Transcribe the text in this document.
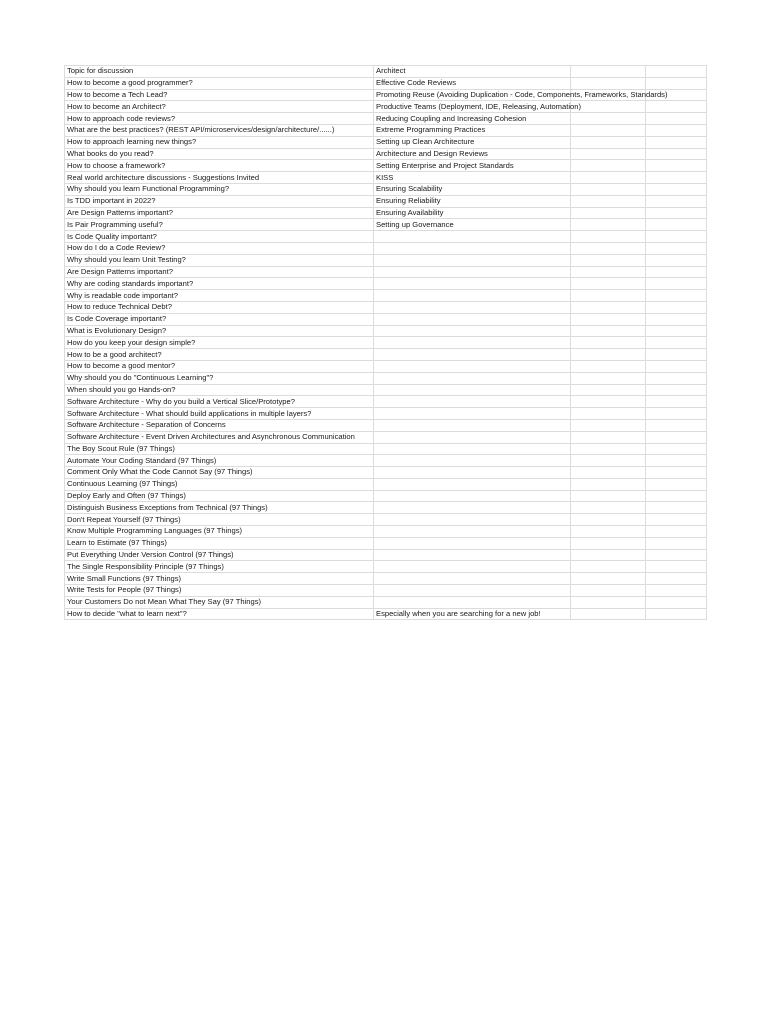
Topic for discussion	Architect		
How to become a good programmer?	Effective Code Reviews		
How to become a Tech Lead?	Promoting Reuse (Avoiding Duplication - Code, Components, Frameworks, Standards)		
How to become an Architect?	Productive Teams (Deployment, IDE, Releasing, Automation)		
How to approach code reviews?	Reducing Coupling and Increasing Cohesion		
What are the best practices? (REST API/microservices/design/architecture/......)	Extreme Programming Practices		
How to approach learning new things?	Setting up Clean Architecture		
What books do you read?	Architecture and Design Reviews		
How to choose a framework?	Setting Enterprise and Project Standards		
Real world architecture discussions - Suggestions Invited	KISS		
Why should you learn Functional Programming?	Ensuring Scalability		
Is TDD important in 2022?	Ensuring Reliability		
Are Design Patterns important?	Ensuring Availability		
Is Pair Programming useful?	Setting up Governance		
Is Code Quality important?			
How do I do a Code Review?			
Why should you learn Unit Testing?			
Are Design Patterns important?			
Why are coding standards important?			
Why is readable code important?			
How to reduce Technical Debt?			
Is Code Coverage important?			
What is Evolutionary Design?			
How do you keep your design simple?			
How to be a good architect?			
How to become a good mentor?			
Why should you do "Continuous Learning"?			
When should you go Hands-on?			
Software Architecture - Why do you build a Vertical Slice/Prototype?			
Software Architecture - What should build applications in multiple layers?			
Software Architecture - Separation of Concerns			
Software Architecture - Event Driven Architectures and Asynchronous Communication			
The Boy Scout Rule (97 Things)			
Automate Your Coding Standard (97 Things)			
Comment Only What the Code Cannot Say (97 Things)			
Continuous Learning (97 Things)			
Deploy Early and Often (97 Things)			
Distinguish Business Exceptions from Technical (97 Things)			
Don't Repeat Yourself (97 Things)			
Know Multiple Programming Languages (97 Things)			
Learn to Estimate (97 Things)			
Put Everything Under Version Control (97 Things)			
The Single Responsibility Principle (97 Things)			
Write Small Functions (97 Things)			
Write Tests for People (97 Things)			
Your Customers Do not Mean What They Say (97 Things)			
How to decide "what to learn next"?	Especially when you are searching for a new job!		
